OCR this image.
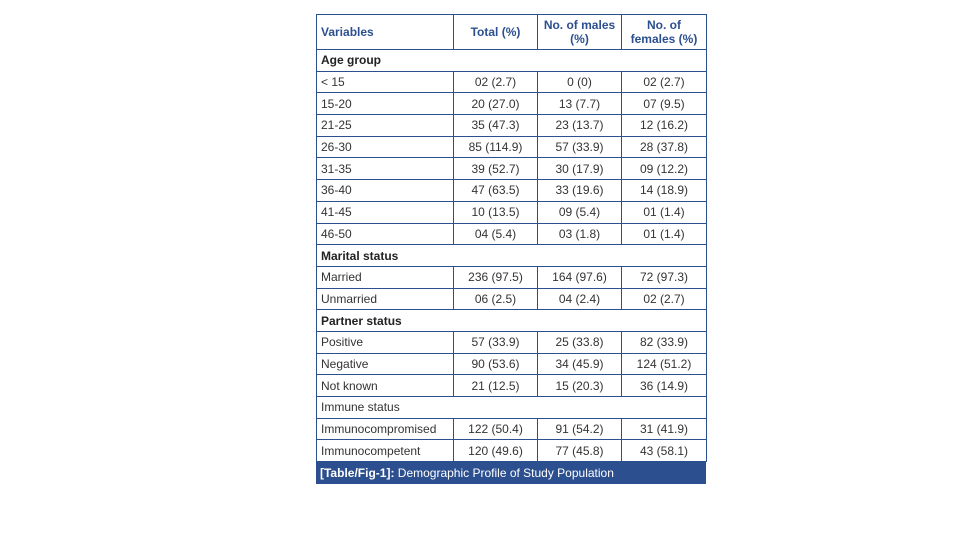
Variables	Total (%)	No. of males (%)	No. of females (%)
Age group			
< 15	02 (2.7)	0 (0)	02 (2.7)
15-20	20 (27.0)	13 (7.7)	07 (9.5)
21-25	35 (47.3)	23 (13.7)	12 (16.2)
26-30	85 (114.9)	57 (33.9)	28 (37.8)
31-35	39 (52.7)	30 (17.9)	09 (12.2)
36-40	47 (63.5)	33 (19.6)	14 (18.9)
41-45	10 (13.5)	09 (5.4)	01 (1.4)
46-50	04 (5.4)	03 (1.8)	01 (1.4)
Marital status			
Married	236 (97.5)	164 (97.6)	72 (97.3)
Unmarried	06 (2.5)	04 (2.4)	02 (2.7)
Partner status			
Positive	57 (33.9)	25 (33.8)	82 (33.9)
Negative	90 (53.6)	34 (45.9)	124 (51.2)
Not known	21 (12.5)	15 (20.3)	36 (14.9)
Immune status			
Immunocompromised	122 (50.4)	91 (54.2)	31 (41.9)
Immunocompetent	120 (49.6)	77 (45.8)	43 (58.1)
[Table/Fig-1]: Demographic Profile of Study Population
